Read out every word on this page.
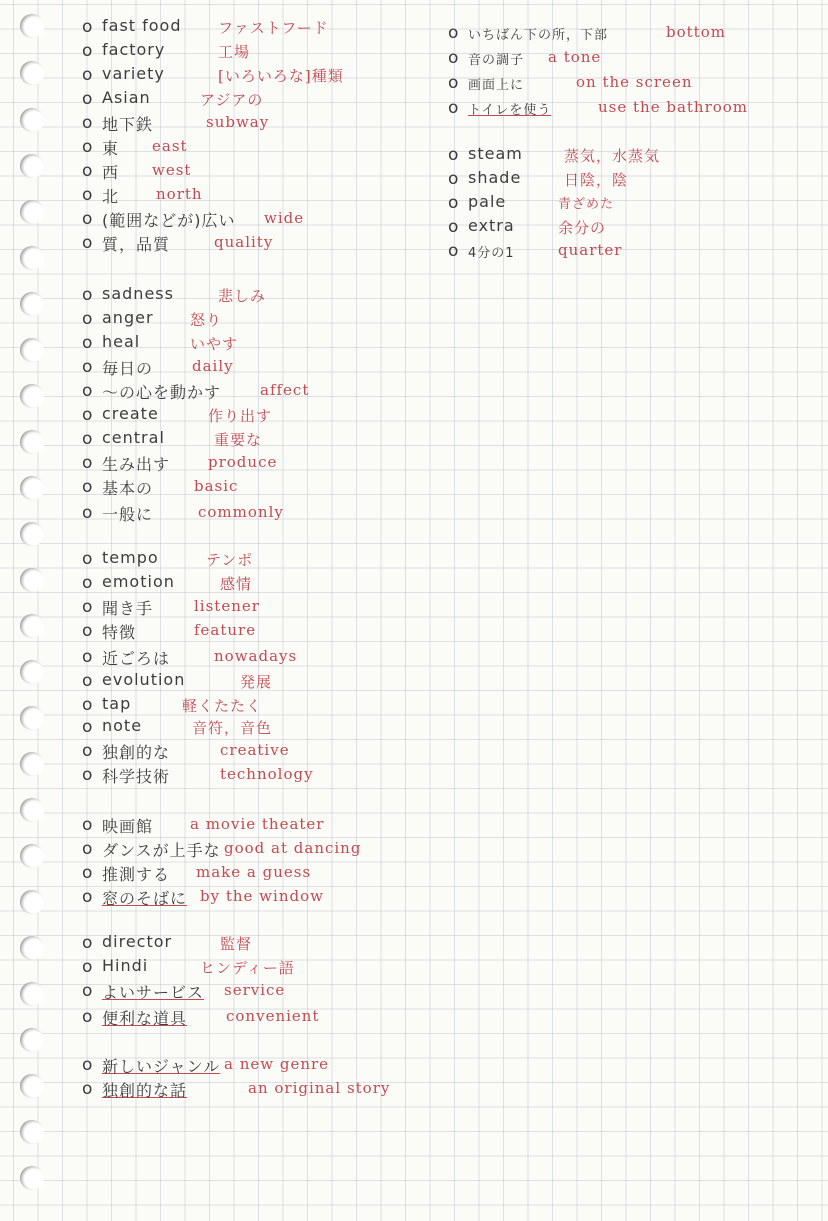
o fast food ファストフード
o factory	工場
o variety	[いろいろな]種類
o Asian	アジアの
o 地下鉄	subway
o 東 east
o 西 west
o 北 north
o (範囲などが)広い wide
o 質，品質	quality
o sadness	悲しみ
o anger 怒り
o heal	いやす
o 毎日の	daily
o ～の心を動かす	affect
o create	作り出す
o central	重要な
o 生み出す	produce
o 基本の	basic
o 一般に	commonly
o tempo	テンポ
o emotion	感情
o 聞き手	listener
o 特徴	feature
o 近ごろは	nowadays
o evolution	発展
o tap	軽くたたく
o note	音符，音色
o 独創的な	creative
o 科学技術	technology
o 映画館 a movie theater
o ダンスが上手な good at dancing
o 推測する make a guess
o 窓のそばに by the window
o director	監督
o Hindi	ヒンディー語
o よいサービス service
o 便利な道具	convenient
o 新しいジャンル a new genre
o 独創的な話	an original story
o いちばん下の所，下部	bottom
o 音の調子 a tone
o 画面上に	on the screen
o トイレを使う	use the bathroom
o steam	蒸気，水蒸気
o shade	日陰，陰
o pale	青ざめた
o extra	余分の
o 4分の1	quarter
